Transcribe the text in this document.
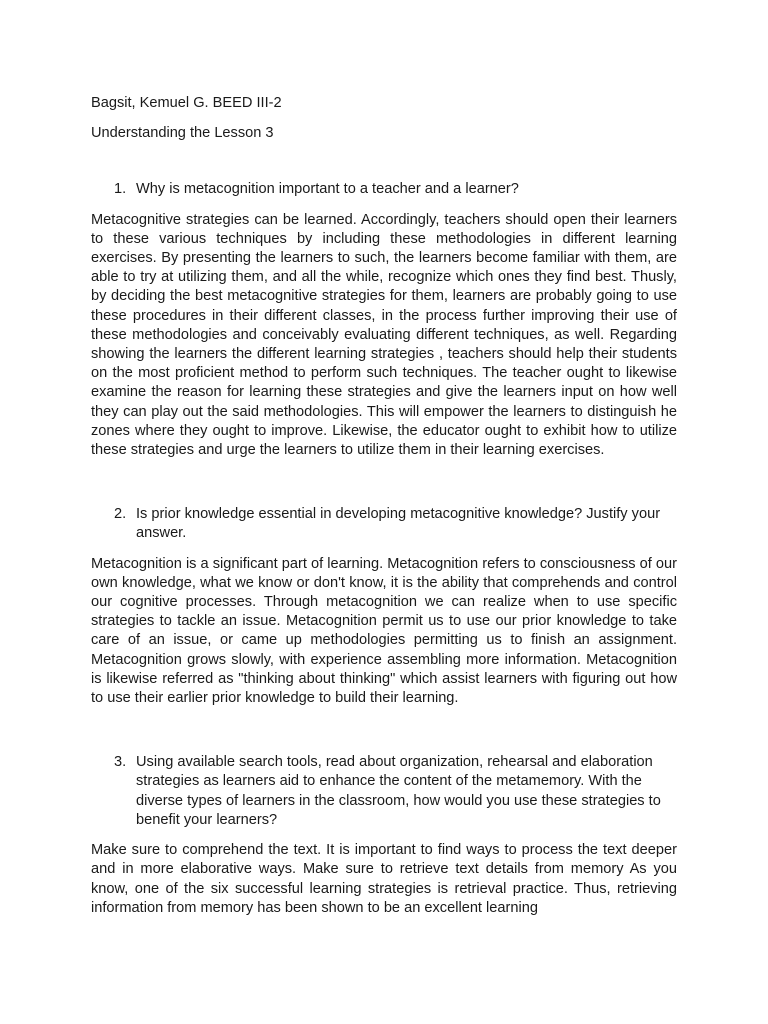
Bagsit, Kemuel G. BEED III-2

Understanding the Lesson 3

1. Why is metacognition important to a teacher and a learner?

Metacognitive strategies can be learned. Accordingly, teachers should open their learners to these various techniques by including these methodologies in different learning exercises. By presenting the learners to such, the learners become familiar with them, are able to try at utilizing them, and all the while, recognize which ones they find best. Thusly, by deciding the best metacognitive strategies for them, learners are probably going to use these procedures in their different classes, in the process further improving their use of these methodologies and conceivably evaluating different techniques, as well. Regarding showing the learners the different learning strategies , teachers should help their students on the most proficient method to perform such techniques. The teacher ought to likewise examine the reason for learning these strategies and give the learners input on how well they can play out the said methodologies. This will empower the learners to distinguish he zones where they ought to improve. Likewise, the educator ought to exhibit how to utilize these strategies and urge the learners to utilize them in their learning exercises.

2. Is prior knowledge essential in developing metacognitive knowledge? Justify your answer.

Metacognition is a significant part of learning. Metacognition refers to consciousness of our own knowledge, what we know or don't know, it is the ability that comprehends and control our cognitive processes. Through metacognition we can realize when to use specific strategies to tackle an issue. Metacognition permit us to use our prior knowledge to take care of an issue, or came up methodologies permitting us to finish an assignment. Metacognition grows slowly, with experience assembling more information. Metacognition is likewise referred as "thinking about thinking" which assist learners with figuring out how to use their earlier prior knowledge to build their learning.

3. Using available search tools, read about organization, rehearsal and elaboration strategies as learners aid to enhance the content of the metamemory. With the diverse types of learners in the classroom, how would you use these strategies to benefit your learners?

Make sure to comprehend the text. It is important to find ways to process the text deeper and in more elaborative ways. Make sure to retrieve text details from memory As you know, one of the six successful learning strategies is retrieval practice. Thus, retrieving information from memory has been shown to be an excellent learning
